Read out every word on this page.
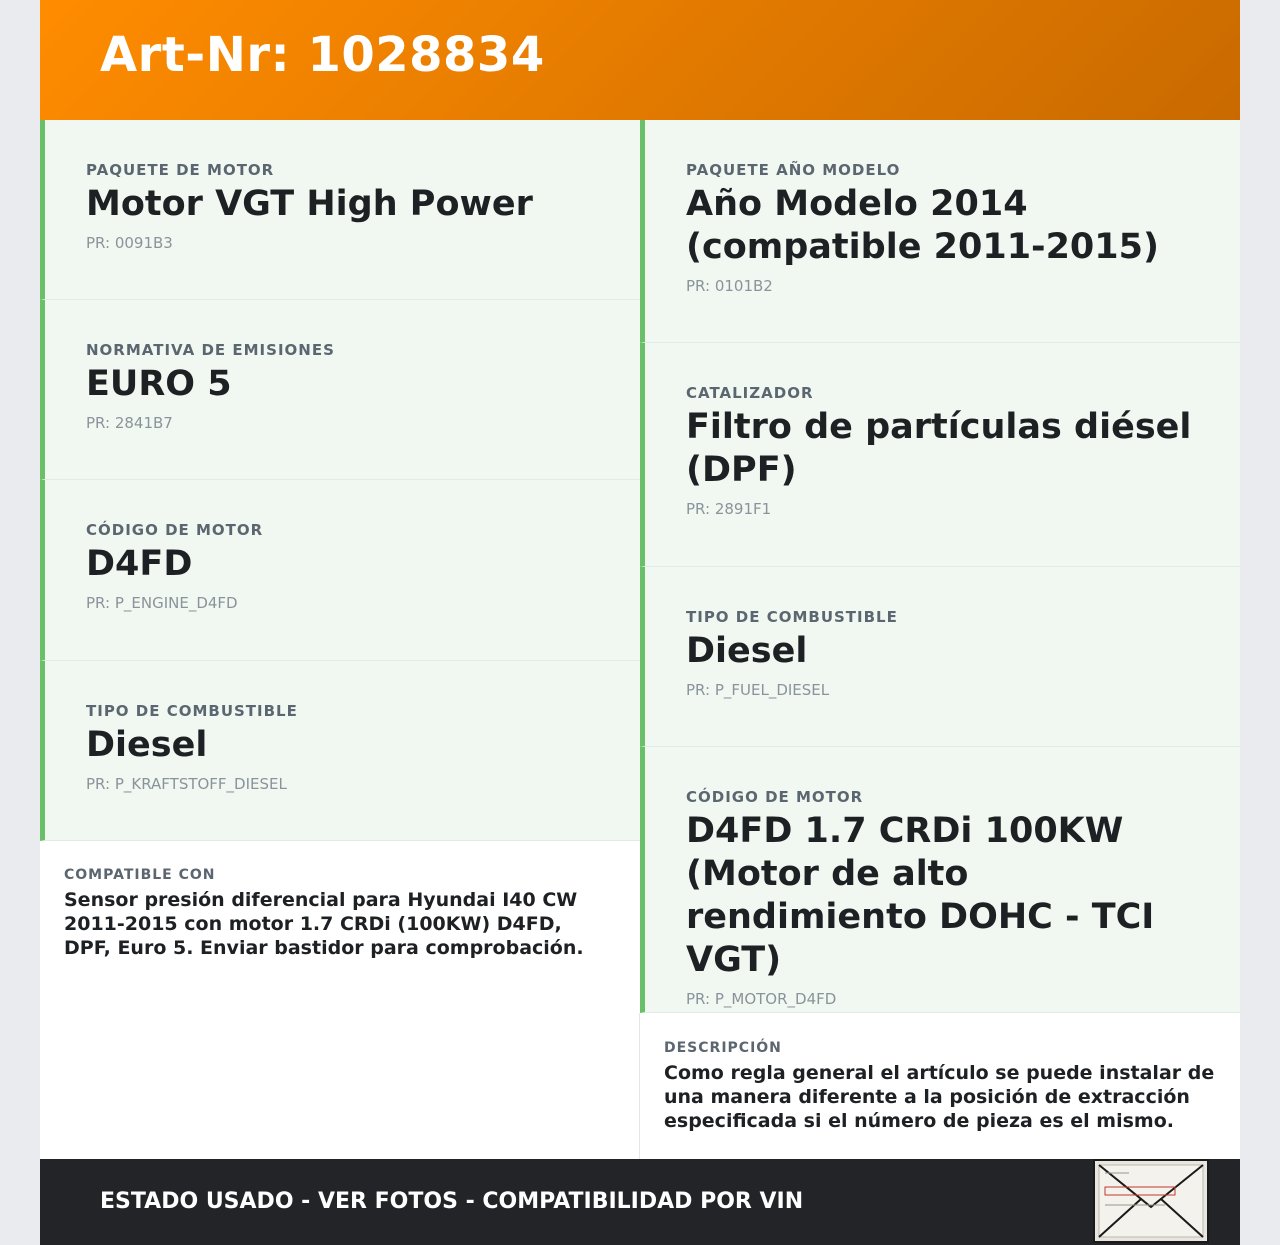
Art-Nr: 1028834
PAQUETE DE MOTOR
Motor VGT High Power
PR: 0091B3
NORMATIVA DE EMISIONES
EURO 5
PR: 2841B7
CÓDIGO DE MOTOR
D4FD
PR: P_ENGINE_D4FD
TIPO DE COMBUSTIBLE
Diesel
PR: P_KRAFTSTOFF_DIESEL
PAQUETE AÑO MODELO
Año Modelo 2014 (compatible 2011-2015)
PR: 0101B2
CATALIZADOR
Filtro de partículas diésel (DPF)
PR: 2891F1
TIPO DE COMBUSTIBLE
Diesel
PR: P_FUEL_DIESEL
CÓDIGO DE MOTOR
D4FD 1.7 CRDi 100KW (Motor de alto rendimiento DOHC - TCI VGT)
PR: P_MOTOR_D4FD
COMPATIBLE CON
Sensor presión diferencial para Hyundai I40 CW 2011-2015 con motor 1.7 CRDi (100KW) D4FD, DPF, Euro 5. Enviar bastidor para comprobación.
DESCRIPCIÓN
Como regla general el artículo se puede instalar de una manera diferente a la posición de extracción especificada si el número de pieza es el mismo.
ESTADO USADO - VER FOTOS - COMPATIBILIDAD POR VIN
